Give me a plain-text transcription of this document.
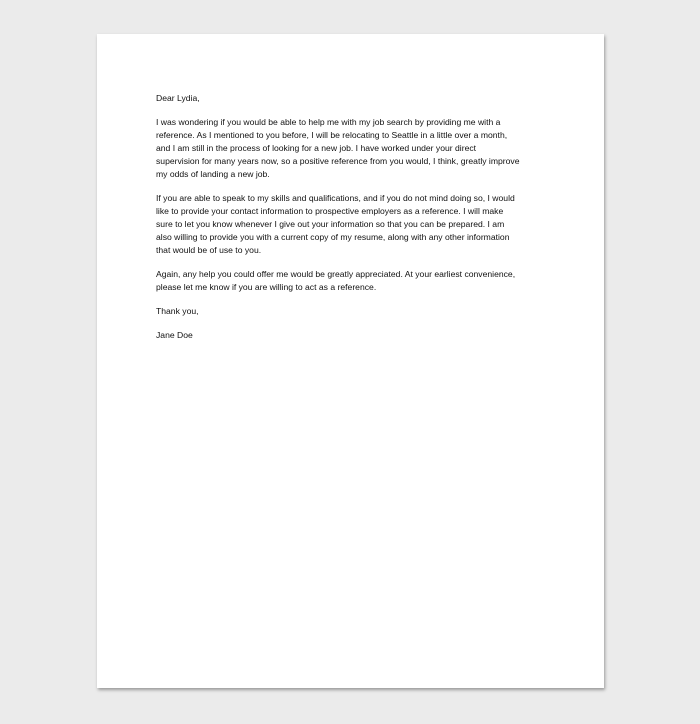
Dear Lydia,
I was wondering if you would be able to help me with my job search by providing me with a
reference. As I mentioned to you before, I will be relocating to Seattle in a little over a month,
and I am still in the process of looking for a new job. I have worked under your direct
supervision for many years now, so a positive reference from you would, I think, greatly improve
my odds of landing a new job.
If you are able to speak to my skills and qualifications, and if you do not mind doing so, I would
like to provide your contact information to prospective employers as a reference. I will make
sure to let you know whenever I give out your information so that you can be prepared. I am
also willing to provide you with a current copy of my resume, along with any other information
that would be of use to you.
Again, any help you could offer me would be greatly appreciated. At your earliest convenience,
please let me know if you are willing to act as a reference.
Thank you,
Jane Doe
